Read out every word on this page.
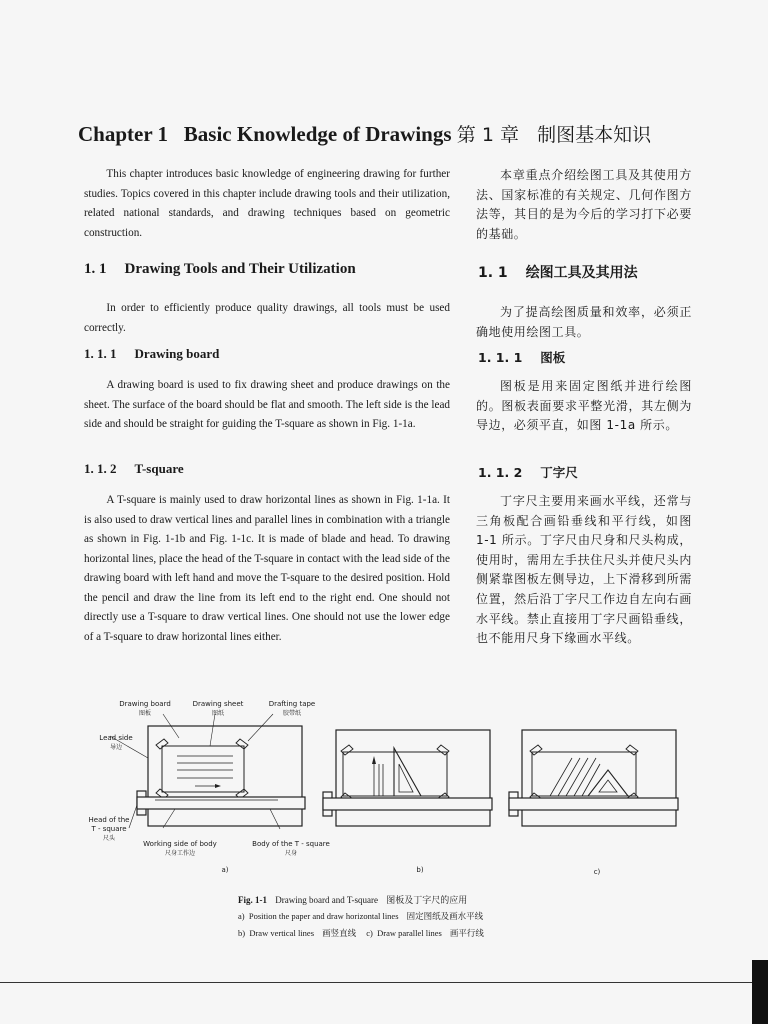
Chapter 1   Basic Knowledge of Drawings 第 1 章   制图基本知识
This chapter introduces basic knowledge of engineering drawing for further studies. Topics covered in this chapter include drawing tools and their utilization, related national standards, and drawing techniques based on geometric construction.
本章重点介绍绘图工具及其使用方法、国家标准的有关规定、几何作图方法等，其目的是为今后的学习打下必要的基础。
1. 1 Drawing Tools and Their Utilization	1. 1 绘图工具及其用法
In order to efficiently produce quality drawings, all tools must be used correctly.
为了提高绘图质量和效率，必须正确地使用绘图工具。
1. 1. 1 Drawing board	1. 1. 1 图板
A drawing board is used to fix drawing sheet and produce drawings on the sheet. The surface of the board should be flat and smooth. The left side is the lead side and should be straight for guiding the T-square as shown in Fig. 1-1a.
图板是用来固定图纸并进行绘图的。图板表面要求平整光滑，其左侧为导边，必须平直，如图 1-1a 所示。
1. 1. 2 T-square	1. 1. 2 丁字尺
A T-square is mainly used to draw horizontal lines as shown in Fig. 1-1a. It is also used to draw vertical lines and parallel lines in combination with a triangle as shown in Fig. 1-1b and Fig. 1-1c. It is made of blade and head. To drawing horizontal lines, place the head of the T-square in contact with the lead side of the drawing board with left hand and move the T-square to the desired position. Hold the pencil and draw the line from its left end to the right end. One should not directly use a T-square to draw vertical lines. One should not use the lower edge of a T-square to draw horizontal lines either.
丁字尺主要用来画水平线，还常与三角板配合画铅垂线和平行线，如图 1-1 所示。丁字尺由尺身和尺头构成，使用时，需用左手扶住尺头并使尺头内侧紧靠图板左侧导边，上下滑移到所需位置，然后沿丁字尺工作边自左向右画水平线。禁止直接用丁字尺画铅垂线，也不能用尺身下缘画水平线。
Drawing board
图板
Drawing sheet
图纸
Drafting tape
胶带纸
Lead side
导边
Head of the
T - square
尺头
Working side of body
尺身工作边
Body of the T - square
尺身
a)	b)	c)
Fig. 1-1 Drawing board and T-square 图板及丁字尺的应用
a)  Position the paper and draw horizontal lines 固定图纸及画水平线
b)  Draw vertical lines 画竖直线 c)  Draw parallel lines 画平行线
